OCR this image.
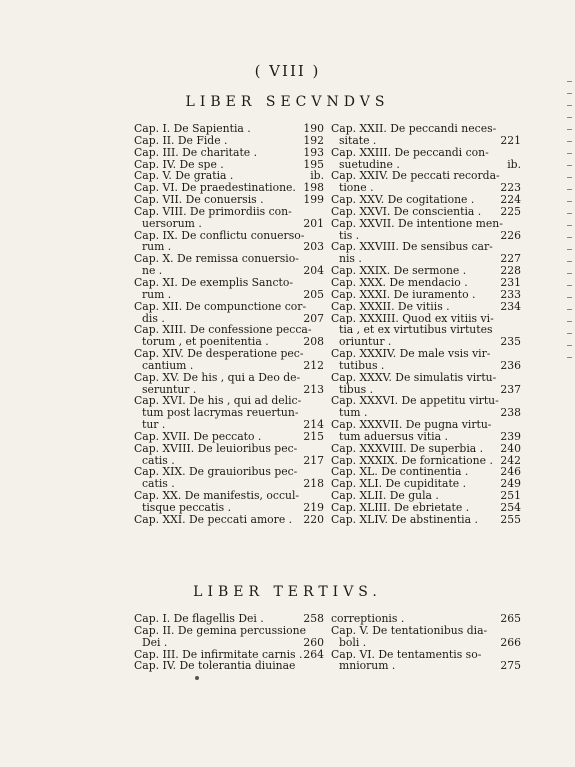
( VIII )
LIBER SECVNDVS
Cap. I. De Sapientia .	190
Cap. II. De Fide .	192
Cap. III. De charitate .	193
Cap. IV. De spe .	195
Cap. V. De gratia .	ib.
Cap. VI. De praedestinatione. 198
Cap. VII. De conuersis .	199
Cap. VIII. De primordiis con-
uersorum .	201
Cap. IX. De conflictu conuerso-
rum .	203
Cap. X. De remissa conuersio-
ne .	204
Cap. XI. De exemplis Sancto-
rum .	205
Cap. XII. De compunctione cor-
dis .	207
Cap. XIII. De confessione pecca-
torum , et poenitentia .	208
Cap. XIV. De desperatione pec-
cantium .	212
Cap. XV. De his , qui a Deo de-
seruntur .	213
Cap. XVI. De his , qui ad delic-
tum post lacrymas reuertun-
tur .	214
Cap. XVII. De peccato .	215
Cap. XVIII. De leuioribus pec-
catis .	217
Cap. XIX. De grauioribus pec-
catis .	218
Cap. XX. De manifestis, occul-
tisque peccatis .	219
Cap. XXI. De peccati amore .	220
Cap. XXII. De peccandi neces-
sitate .	221
Cap. XXIII. De peccandi con-
suetudine .	ib.
Cap. XXIV. De peccati recorda-
tione .	223
Cap. XXV. De cogitatione .	224
Cap. XXVI. De conscientia .	225
Cap. XXVII. De intentione men-
tis .	226
Cap. XXVIII. De sensibus car-
nis .	227
Cap. XXIX. De sermone .	228
Cap. XXX. De mendacio .	231
Cap. XXXI. De iuramento .	233
Cap. XXXII. De vitiis .	234
Cap. XXXIII. Quod ex vitiis vi-
tia , et ex virtutibus virtutes
oriuntur .	235
Cap. XXXIV. De male vsis vir-
tutibus .	236
Cap. XXXV. De simulatis virtu-
tibus .	237
Cap. XXXVI. De appetitu virtu-
tum .	238
Cap. XXXVII. De pugna virtu-
tum aduersus vitia .	239
Cap. XXXVIII. De superbia .	240
Cap. XXXIX. De fornicatione . 242
Cap. XL. De continentia .	246
Cap. XLI. De cupiditate .	249
Cap. XLII. De gula .	251
Cap. XLIII. De ebrietate .	254
Cap. XLIV. De abstinentia .	255
LIBER TERTIVS.
Cap. I. De flagellis Dei .	258
Cap. II. De gemina percussione
Dei .	260
Cap. III. De infirmitate carnis . 264
Cap. IV. De tolerantia diuinae
correptionis .	265
Cap. V. De tentationibus dia-
boli .	266
Cap. VI. De tentamentis so-
mniorum .	275
